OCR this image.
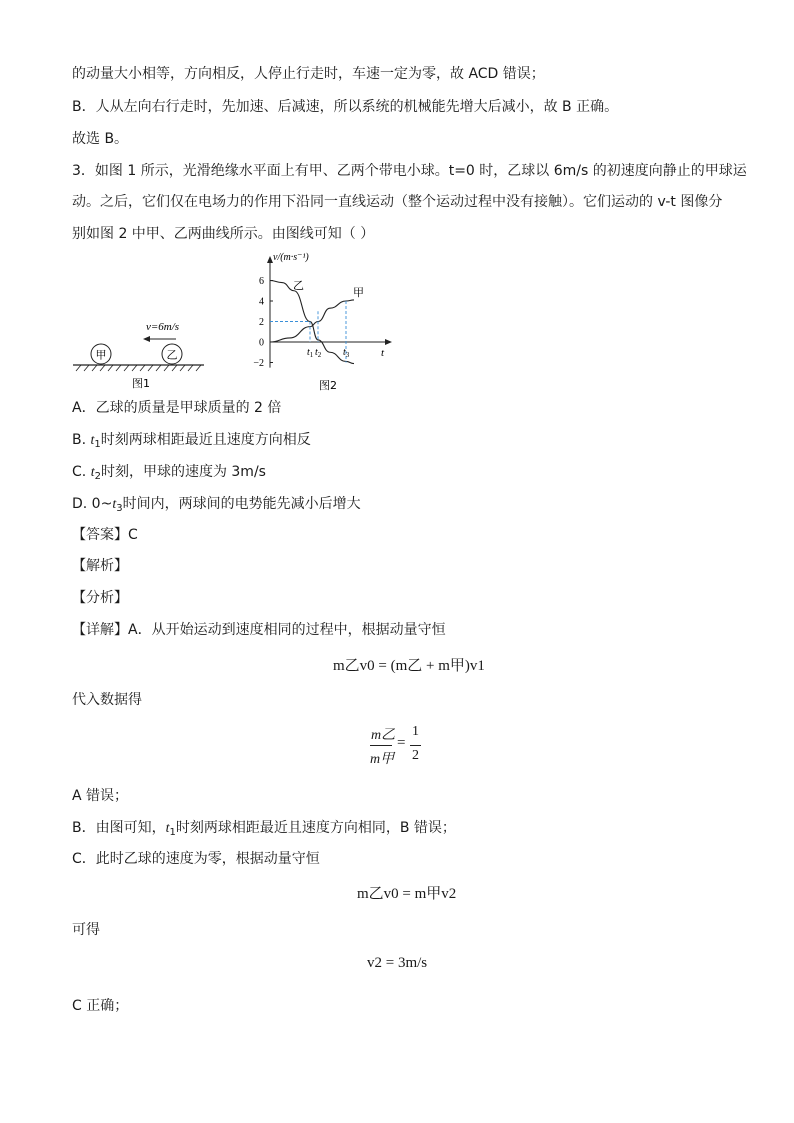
的动量大小相等，方向相反，人停止行走时，车速一定为零，故 ACD 错误；
B．人从左向右行走时，先加速、后减速，所以系统的机械能先增大后减小，故 B 正确。
故选 B。
3．如图 1 所示，光滑绝缘水平面上有甲、乙两个带电小球。t=0 时，乙球以 6m/s 的初速度向静止的甲球运
动。之后，它们仅在电场力的作用下沿同一直线运动（整个运动过程中没有接触）。它们运动的 v-t 图像分
别如图 2 中甲、乙两曲线所示。由图线可知（ ）
甲	乙
v=6m/s
图1
6
4
2
0
−2
$t_1$ $t_2$ $t_3$
v/(m·s⁻¹)
乙
甲
t
图2
A．乙球的质量是甲球质量的 2 倍
B. $t_1$时刻两球相距最近且速度方向相反
C. $t_2$时刻，甲球的速度为 3m/s
D. $0\sim t_3$时间内，两球间的电势能先减小后增大
【答案】C
【解析】
【分析】
【详解】A．从开始运动到速度相同的过程中，根据动量守恒
m乙v0 = (m乙 + m甲)v1
代入数据得
m乙
m甲
=
1
2
A 错误；
B．由图可知，$t_1$时刻两球相距最近且速度方向相同，B 错误；
C．此时乙球的速度为零，根据动量守恒
m乙v0 = m甲v2
可得
v2 = 3m/s
C 正确；
